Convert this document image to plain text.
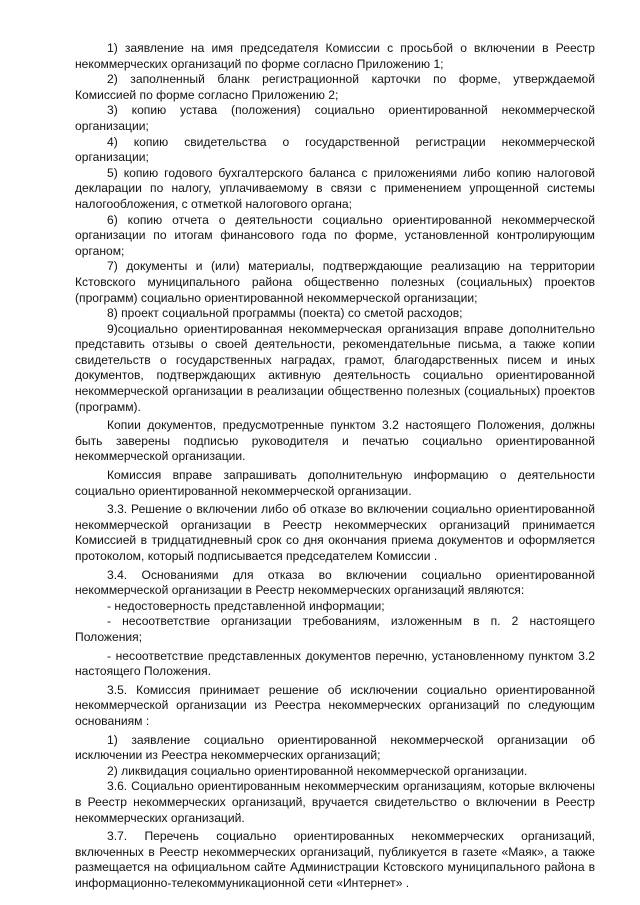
1) заявление на имя председателя Комиссии с просьбой о включении в Реестр некоммерческих организаций по форме согласно Приложению 1;

2) заполненный бланк регистрационной карточки по форме, утверждаемой Комиссией по форме согласно Приложению 2;

3) копию устава (положения) социально ориентированной некоммерческой организации;

4) копию свидетельства о государственной регистрации некоммерческой организации;

5) копию годового бухгалтерского баланса с приложениями либо копию налоговой декларации по налогу, уплачиваемому в связи с применением упрощенной системы налогообложения, с отметкой налогового органа;

6) копию отчета о деятельности социально ориентированной некоммерческой организации по итогам финансового года по форме, установленной контролирующим органом;

7) документы и (или) материалы, подтверждающие реализацию на территории Кстовского муниципального района общественно полезных (социальных) проектов (программ) социально ориентированной некоммерческой организации;

8) проект социальной программы (поекта) со сметой расходов;

9)социально ориентированная некоммерческая организация вправе дополнительно представить отзывы о своей деятельности, рекомендательные письма, а также копии свидетельств о государственных наградах, грамот, благодарственных писем и иных документов, подтверждающих активную деятельность социально ориентированной некоммерческой организации в реализации общественно полезных (социальных) проектов (программ).

Копии документов, предусмотренные пунктом 3.2 настоящего Положения, должны быть заверены подписью руководителя и печатью социально ориентированной некоммерческой организации.

Комиссия вправе запрашивать дополнительную информацию о деятельности социально ориентированной некоммерческой организации.

3.3. Решение о включении либо об отказе во включении социально ориентированной некоммерческой организации в Реестр некоммерческих организаций принимается Комиссией в тридцатидневный срок со дня окончания приема документов и оформляется протоколом, который подписывается председателем Комиссии .

3.4. Основаниями для отказа во включении социально ориентированной некоммерческой организации в Реестр некоммерческих организаций являются:

- недостоверность представленной информации;

- несоответствие организации требованиям, изложенным в п. 2 настоящего Положения;

- несоответствие представленных документов перечню, установленному пунктом 3.2 настоящего Положения.

3.5. Комиссия принимает решение об исключении социально ориентированной некоммерческой организации из Реестра некоммерческих организаций по следующим основаниям :

1) заявление социально ориентированной некоммерческой организации об исключении из Реестра некоммерческих организаций;

2) ликвидация социально ориентированной некоммерческой организации.

3.6. Социально ориентированным некоммерческим организациям, которые включены в Реестр некоммерческих организаций, вручается свидетельство о включении в Реестр некоммерческих организаций.

3.7. Перечень социально ориентированных некоммерческих организаций, включенных в Реестр некоммерческих организаций, публикуется в газете «Маяк», а также размещается на официальном сайте Администрации Кстовского муниципального района в информационно-телекоммуникационной сети «Интернет» .
